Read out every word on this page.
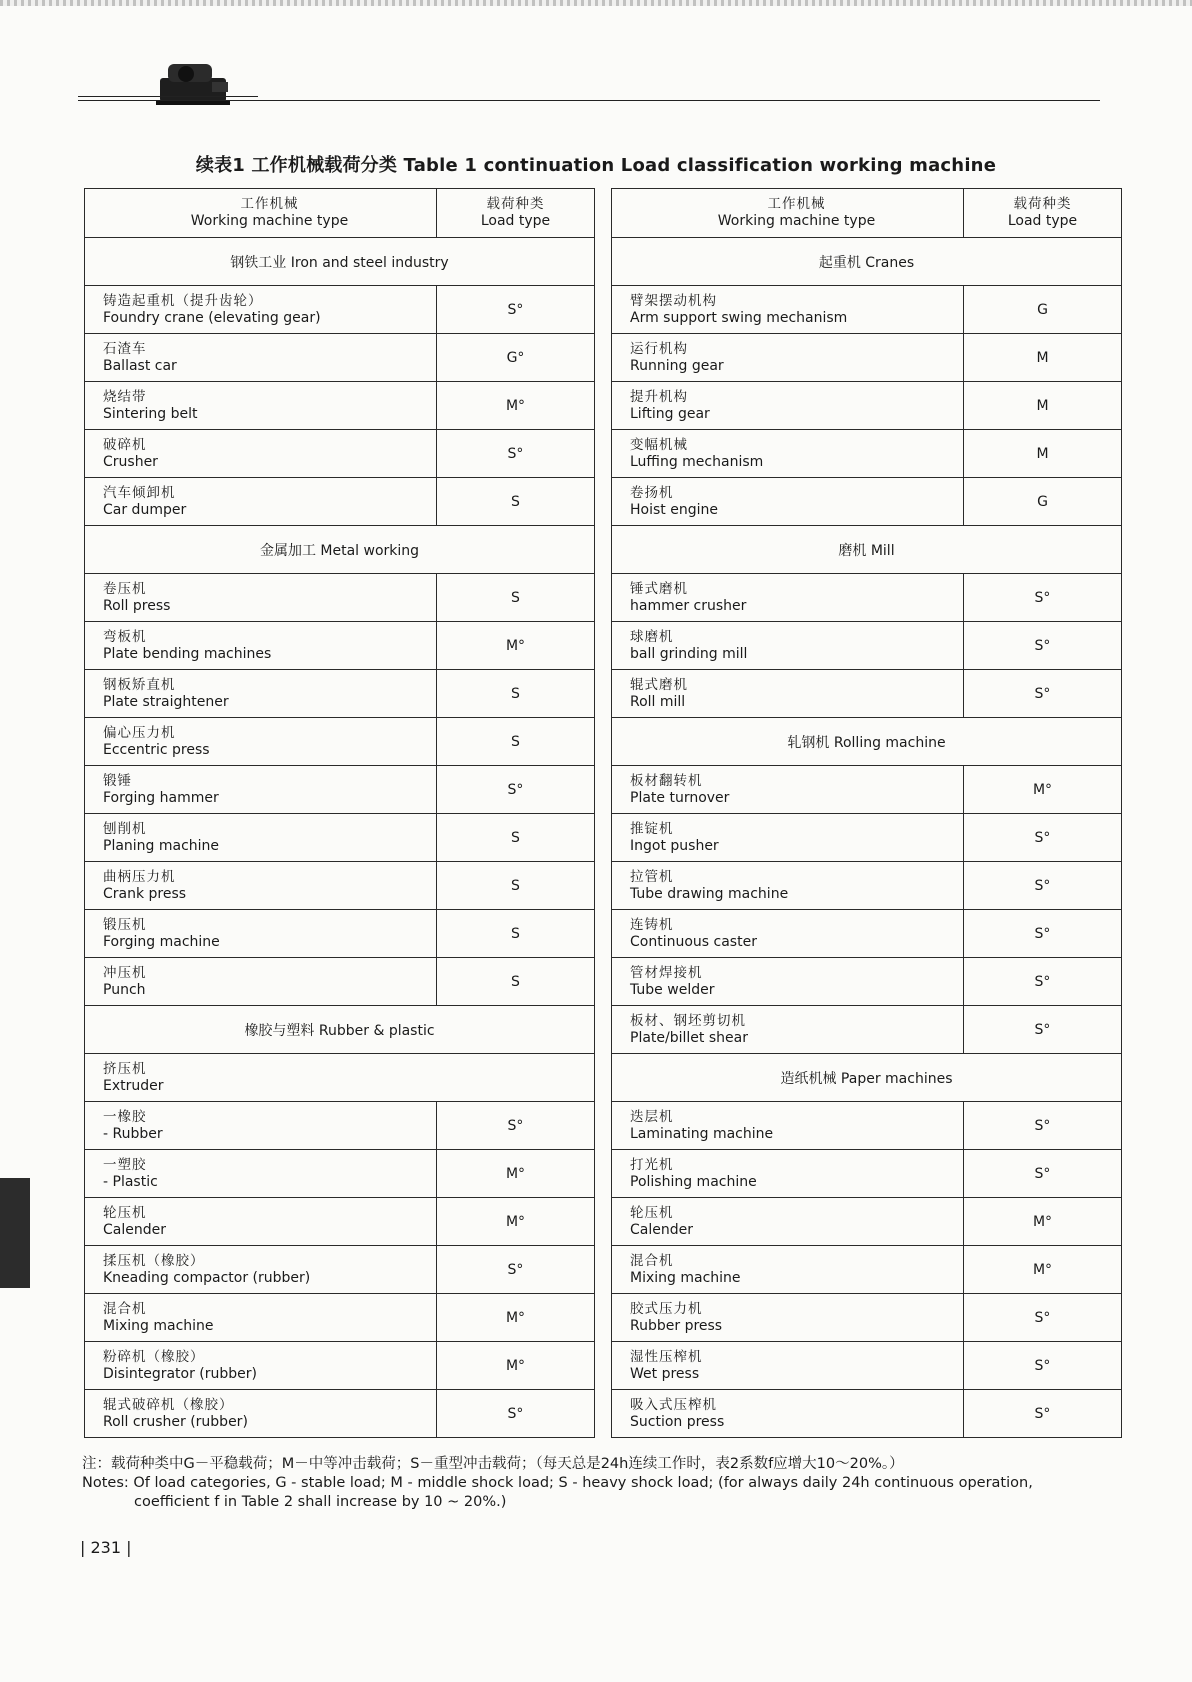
续表1 工作机械载荷分类 Table 1 continuation Load classification working machine
工作机械
Working machine type	载荷种类
Load type

钢铁工业 Iron and steel industry	

铸造起重机（提升齿轮）
Foundry crane (elevating gear)	S°

石渣车
Ballast car	G°

烧结带
Sintering belt	M°

破碎机
Crusher	S°

汽车倾卸机
Car dumper	S
金属加工 Metal working	

卷压机
Roll press	S

弯板机
Plate bending machines	M°

钢板矫直机
Plate straightener	S

偏心压力机
Eccentric press	S

锻锤
Forging hammer	S°

刨削机
Planing machine	S

曲柄压力机
Crank press	S

锻压机
Forging machine	S

冲压机
Punch	S
橡胶与塑料 Rubber & plastic	

挤压机
Extruder	

一橡胶
- Rubber	S°

一塑胶
- Plastic	M°

轮压机
Calender	M°

揉压机（橡胶）
Kneading compactor (rubber)	S°

混合机
Mixing machine	M°

粉碎机（橡胶）
Disintegrator (rubber)	M°

辊式破碎机（橡胶）
Roll crusher (rubber)	S°
工作机械
Working machine type	载荷种类
Load type

起重机 Cranes	

臂架摆动机构
Arm support swing mechanism	G

运行机构
Running gear	M

提升机构
Lifting gear	M

变幅机械
Luffing mechanism	M

卷扬机
Hoist engine	G
磨机 Mill	

锤式磨机
hammer crusher	S°

球磨机
ball grinding mill	S°

辊式磨机
Roll mill	S°
轧钢机 Rolling machine	

板材翻转机
Plate turnover	M°

推锭机
Ingot pusher	S°

拉管机
Tube drawing machine	S°

连铸机
Continuous caster	S°

管材焊接机
Tube welder	S°

板材、钢坯剪切机
Plate/billet shear	S°
造纸机械 Paper machines	

迭层机
Laminating machine	S°

打光机
Polishing machine	S°

轮压机
Calender	M°

混合机
Mixing machine	M°

胶式压力机
Rubber press	S°

湿性压榨机
Wet press	S°

吸入式压榨机
Suction press	S°
注：载荷种类中G－平稳载荷；M－中等冲击载荷；S－重型冲击载荷；（每天总是24h连续工作时，表2系数f应增大10～20%。）
Notes: Of load categories, G - stable load; M - middle shock load; S - heavy shock load; (for always daily 24h continuous operation,
coefficient f in Table 2 shall increase by 10 ~ 20%.)
| 231 |
